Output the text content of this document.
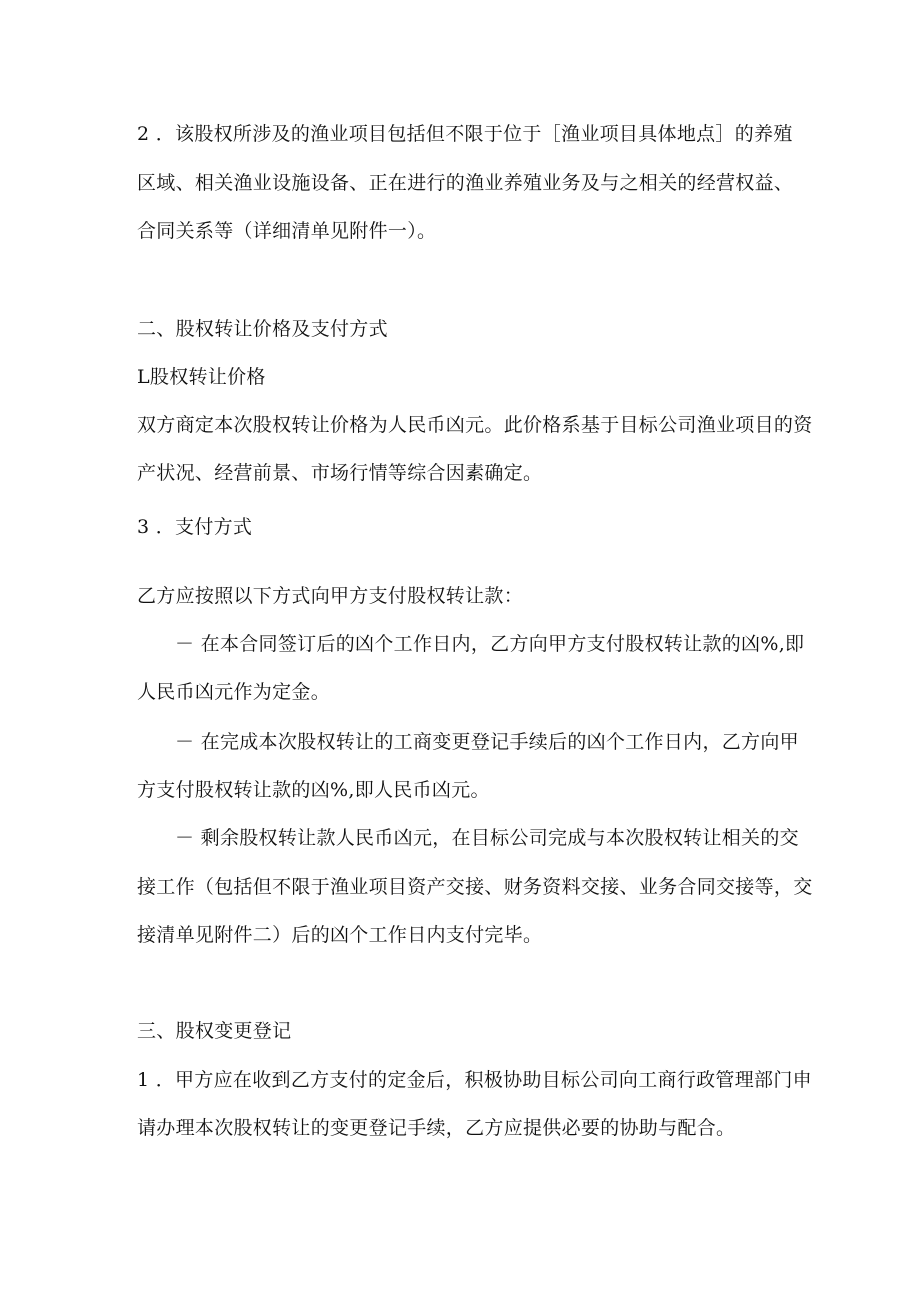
2 ．该股权所涉及的渔业项目包括但不限于位于［渔业项目具体地点］的养殖
区域、相关渔业设施设备、正在进行的渔业养殖业务及与之相关的经营权益、
合同关系等（详细清单见附件一）。
二、股权转让价格及支付方式
L股权转让价格
双方商定本次股权转让价格为人民币凶元。此价格系基于目标公司渔业项目的资
产状况、经营前景、市场行情等综合因素确定。
3 ．支付方式
乙方应按照以下方式向甲方支付股权转让款：
－ 在本合同签订后的凶个工作日内，乙方向甲方支付股权转让款的凶%,即
人民币凶元作为定金。
－ 在完成本次股权转让的工商变更登记手续后的凶个工作日内，乙方向甲
方支付股权转让款的凶%,即人民币凶元。
－ 剩余股权转让款人民币凶元，在目标公司完成与本次股权转让相关的交
接工作（包括但不限于渔业项目资产交接、财务资料交接、业务合同交接等，交
接清单见附件二）后的凶个工作日内支付完毕。
三、股权变更登记
1 ．甲方应在收到乙方支付的定金后，积极协助目标公司向工商行政管理部门申
请办理本次股权转让的变更登记手续，乙方应提供必要的协助与配合。
